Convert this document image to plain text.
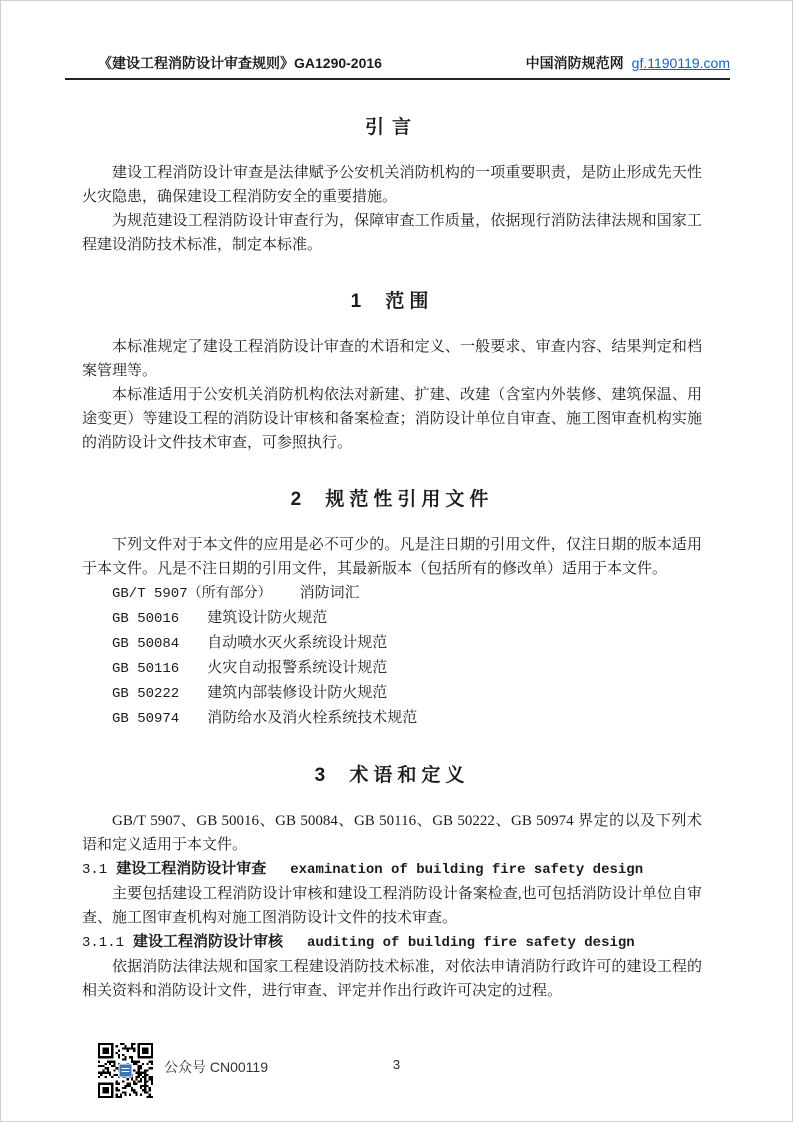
《建设工程消防设计审查规则》GA1290-2016	中国消防规范网 gf.1190119.com
引言

建设工程消防设计审查是法律赋予公安机关消防机构的一项重要职责，是防止形成先天性火灾隐患，确保建设工程消防安全的重要措施。

为规范建设工程消防设计审查行为，保障审查工作质量，依据现行消防法律法规和国家工程建设消防技术标准，制定本标准。

1 范围

本标准规定了建设工程消防设计审查的术语和定义、一般要求、审查内容、结果判定和档案管理等。

本标准适用于公安机关消防机构依法对新建、扩建、改建（含室内外装修、建筑保温、用途变更）等建设工程的消防设计审核和备案检查；消防设计单位自审查、施工图审查机构实施的消防设计文件技术审查，可参照执行。

2 规范性引用文件

下列文件对于本文件的应用是必不可少的。凡是注日期的引用文件，仅注日期的版本适用于本文件。凡是不注日期的引用文件，其最新版本（包括所有的修改单）适用于本文件。

GB/T 5907（所有部分） 消防词汇
GB 50016 建筑设计防火规范
GB 50084 自动喷水灭火系统设计规范
GB 50116 火灾自动报警系统设计规范
GB 50222 建筑内部装修设计防火规范
GB 50974 消防给水及消火栓系统技术规范
3 术语和定义

GB/T 5907、GB 50016、GB 50084、GB 50116、GB 50222、GB 50974 界定的以及下列术语和定义适用于本文件。

3.1 建设工程消防设计审查 examination of building fire safety design

主要包括建设工程消防设计审核和建设工程消防设计备案检查,也可包括消防设计单位自审查、施工图审查机构对施工图消防设计文件的技术审查。

3.1.1 建设工程消防设计审核 auditing of building fire safety design

依据消防法律法规和国家工程建设消防技术标准，对依法申请消防行政许可的建设工程的相关资料和消防设计文件，进行审查、评定并作出行政许可决定的过程。

公众号 CN00119	3
